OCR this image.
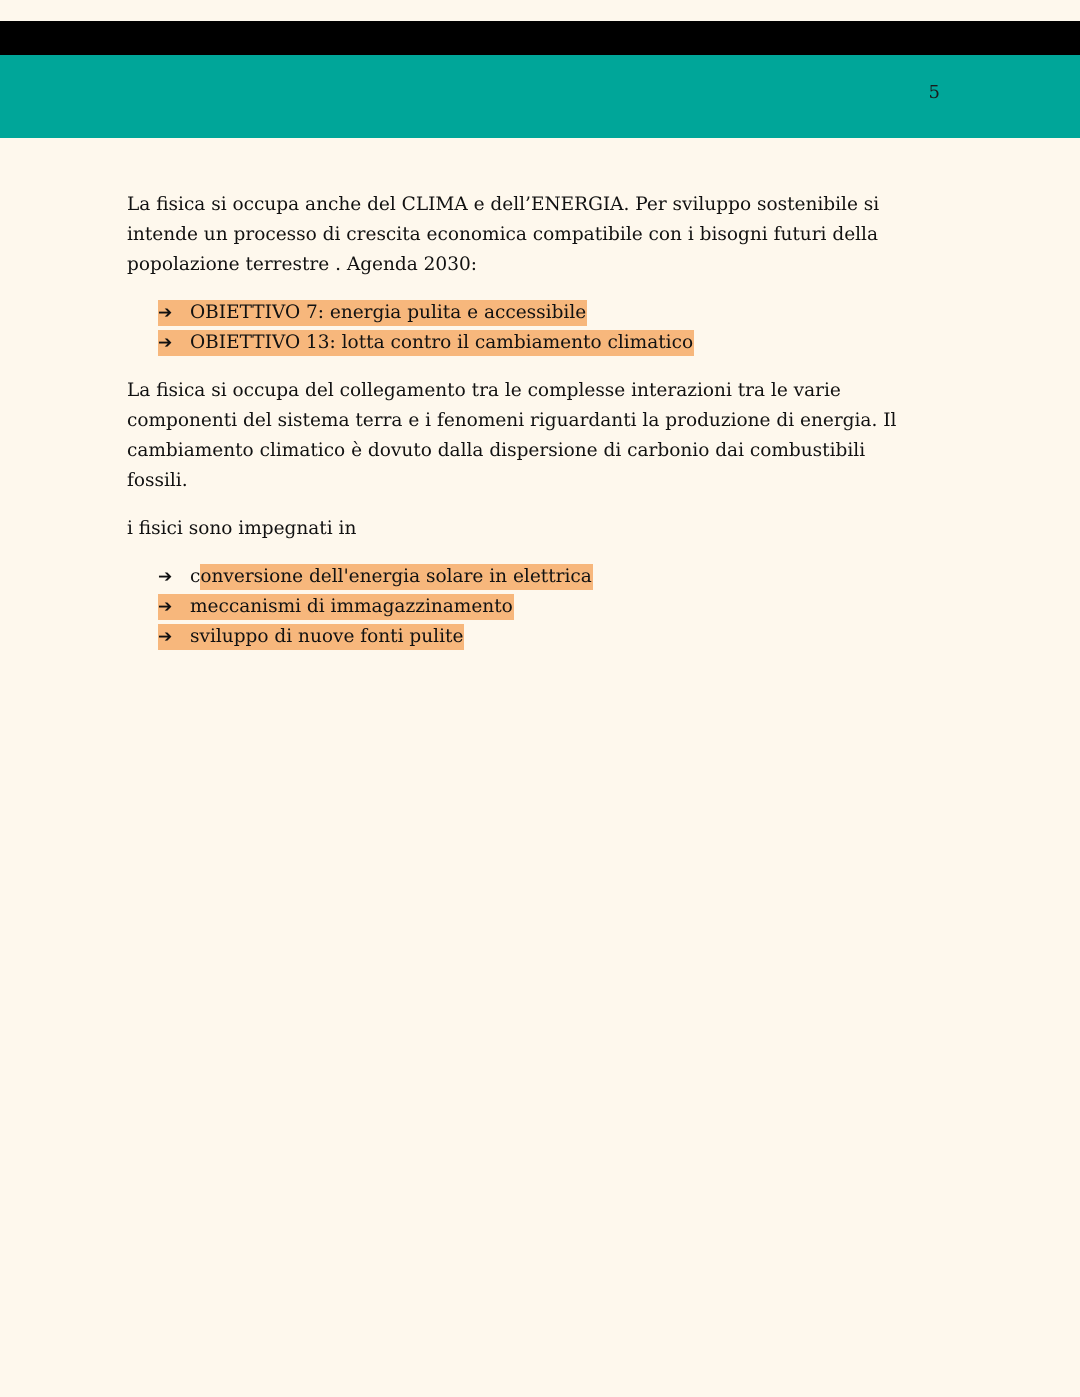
5

La fisica si occupa anche del CLIMA e dell’ENERGIA. Per sviluppo sostenibile si intende un processo di crescita economica compatibile con i bisogni futuri della popolazione terrestre . Agenda 2030:

➔ OBIETTIVO 7: energia pulita e accessibile
➔ OBIETTIVO 13: lotta contro il cambiamento climatico

La fisica si occupa del collegamento tra le complesse interazioni tra le varie componenti del sistema terra e i fenomeni riguardanti la produzione di energia. Il cambiamento climatico è dovuto dalla dispersione di carbonio dai combustibili fossili.

i fisici sono impegnati in

➔ conversione dell'energia solare in elettrica
➔ meccanismi di immagazzinamento
➔ sviluppo di nuove fonti pulite
